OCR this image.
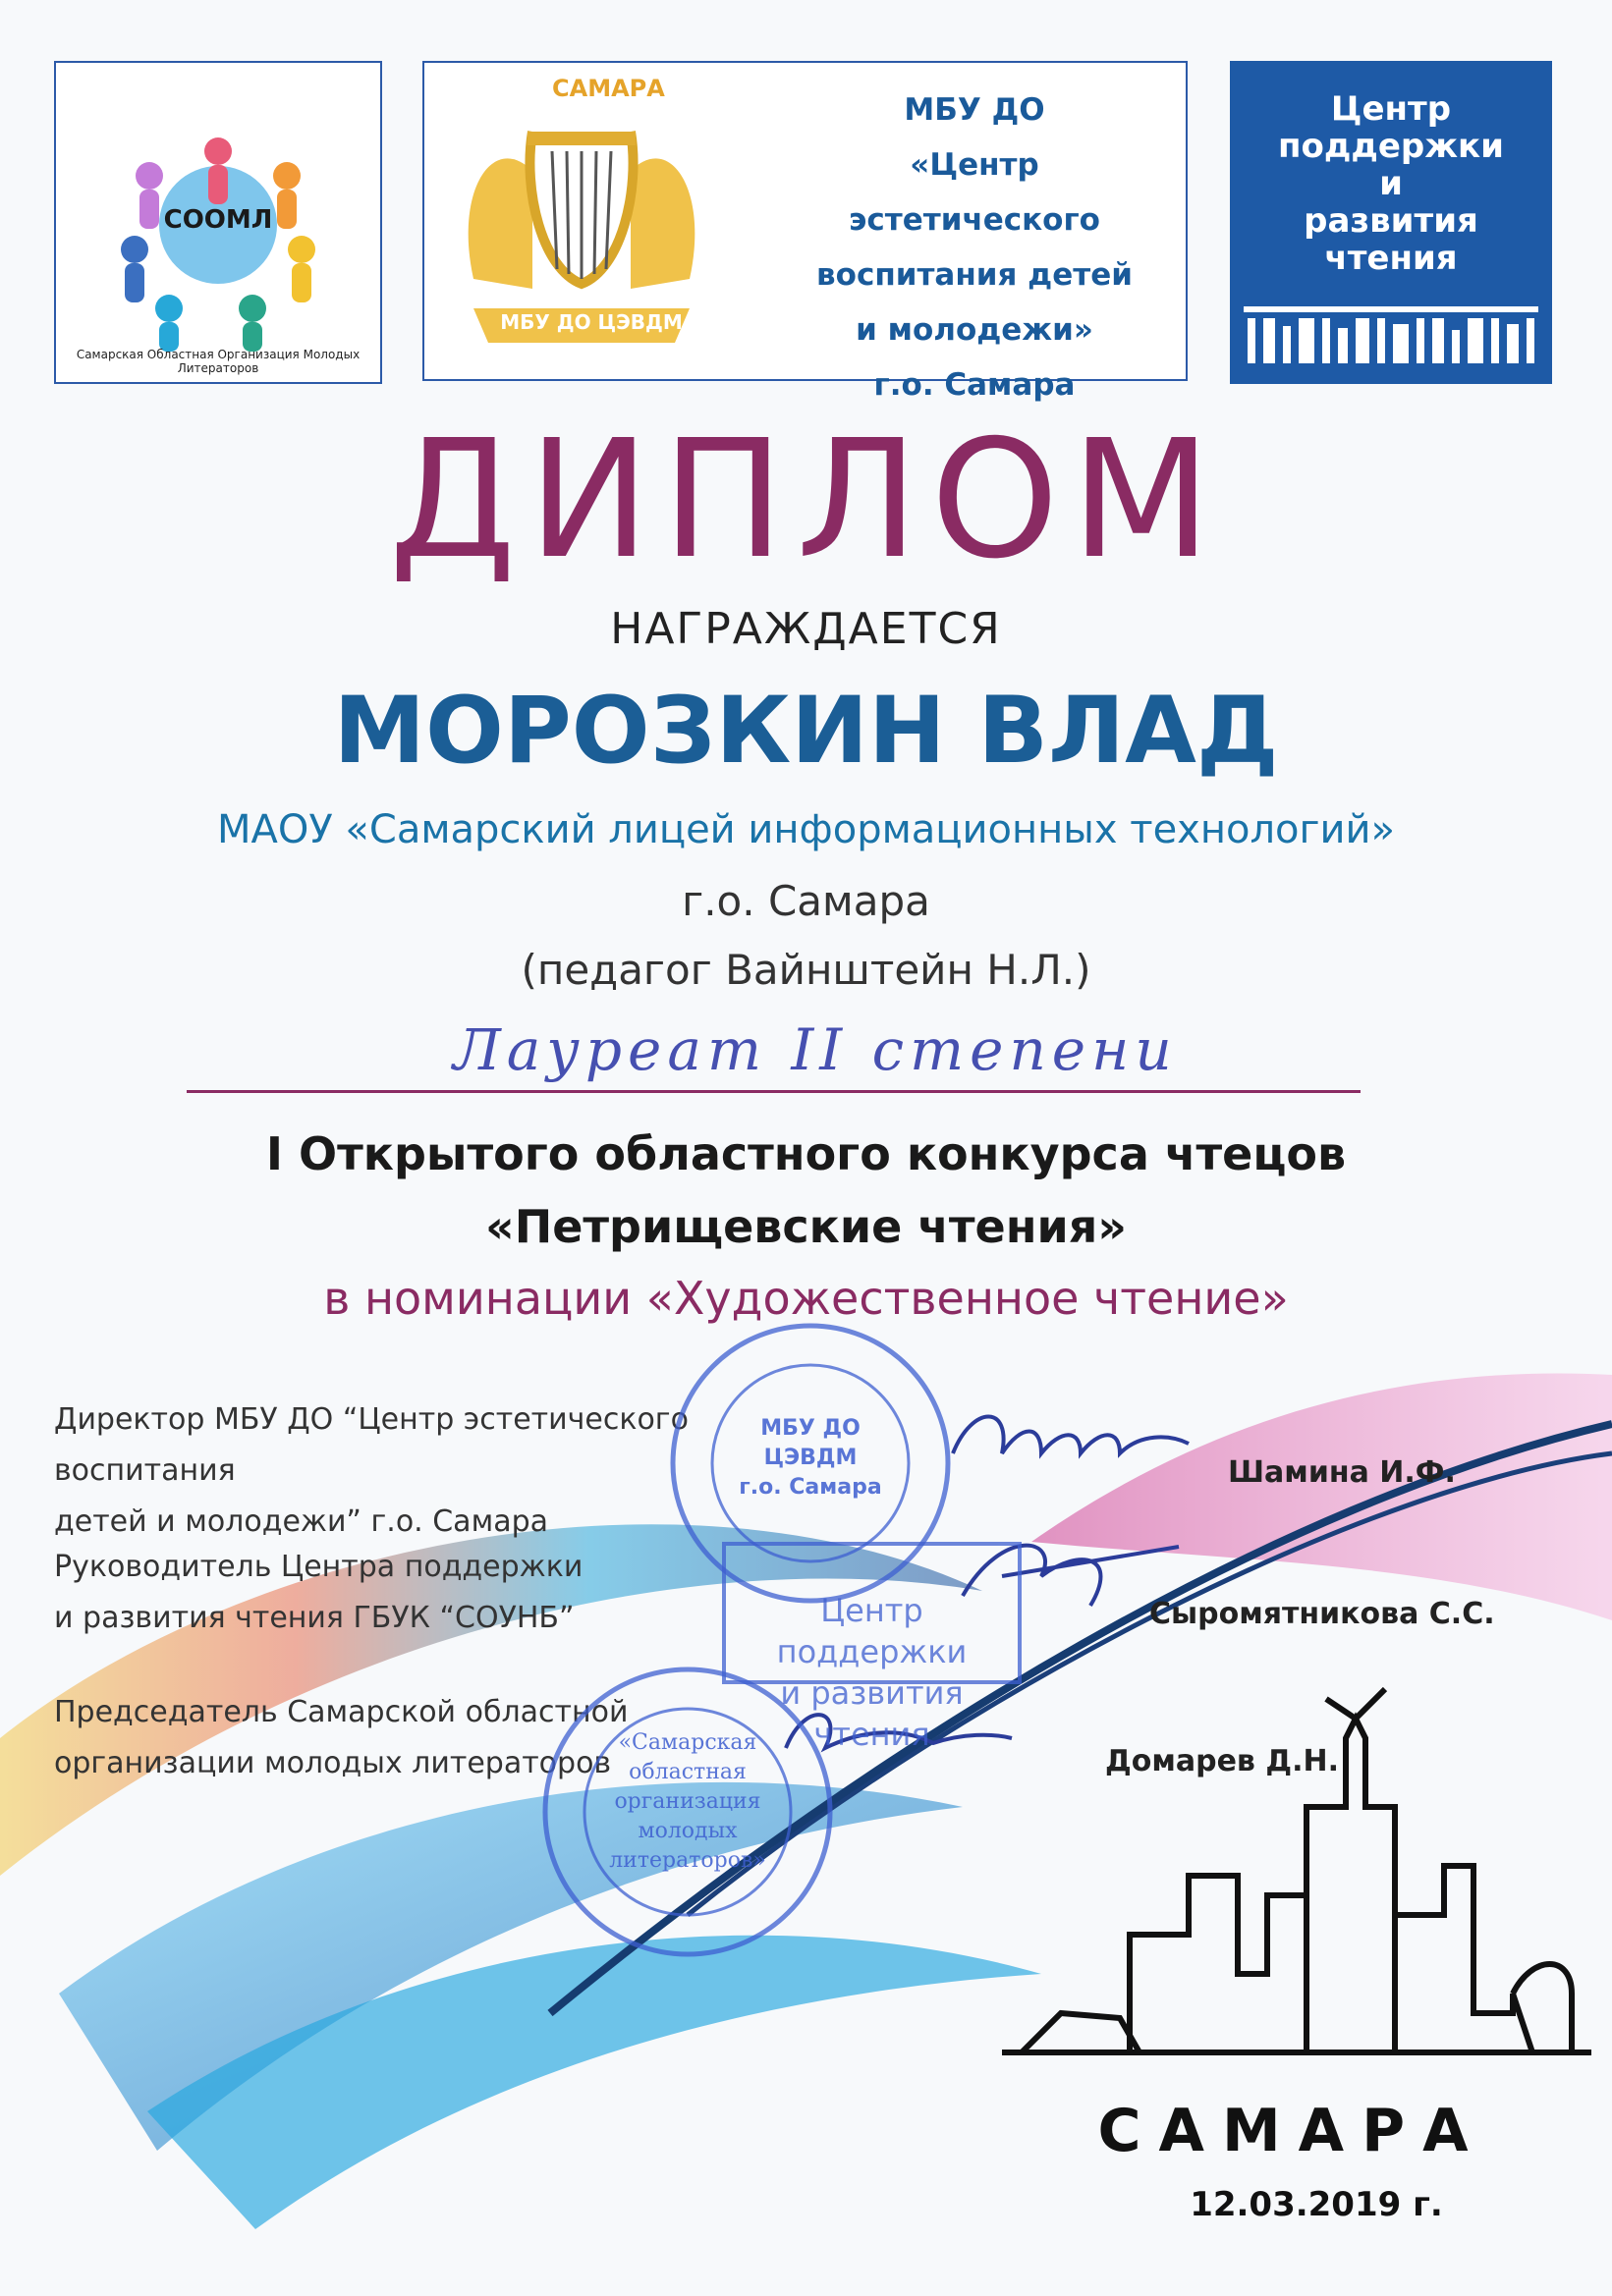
СООМЛ
Самарская Областная Организация Молодых Литераторов
САМАРА
МБУ ДО ЦЭВДМ
МБУ ДО
«Центр эстетического
воспитания детей
и молодежи»
г.о. Самара
Центр
поддержки
и
развития
чтения
ДИПЛОМ
НАГРАЖДАЕТСЯ
МОРОЗКИН ВЛАД
МАОУ «Самарский лицей информационных технологий»
г.о. Самара
(педагог Вайнштейн Н.Л.)
Лауреат II степени
I Открытого областного конкурса чтецов
«Петрищевские чтения»
в номинации «Художественное чтение»
Директор МБУ ДО “Центр эстетического воспитания
детей и молодежи” г.о. Самара
Шамина И.Ф.
Руководитель Центра поддержки
и развития чтения ГБУК “СОУНБ”	Сыромятникова С.С.
Председатель Самарской областной
организации молодых литераторов	Домарев Д.Н.
МБУ ДО
ЦЭВДМ
г.о. Самара
Центр поддержки
и развития чтения
«Самарская
областная
организация
молодых
литераторов»
САМАРА
12.03.2019 г.
